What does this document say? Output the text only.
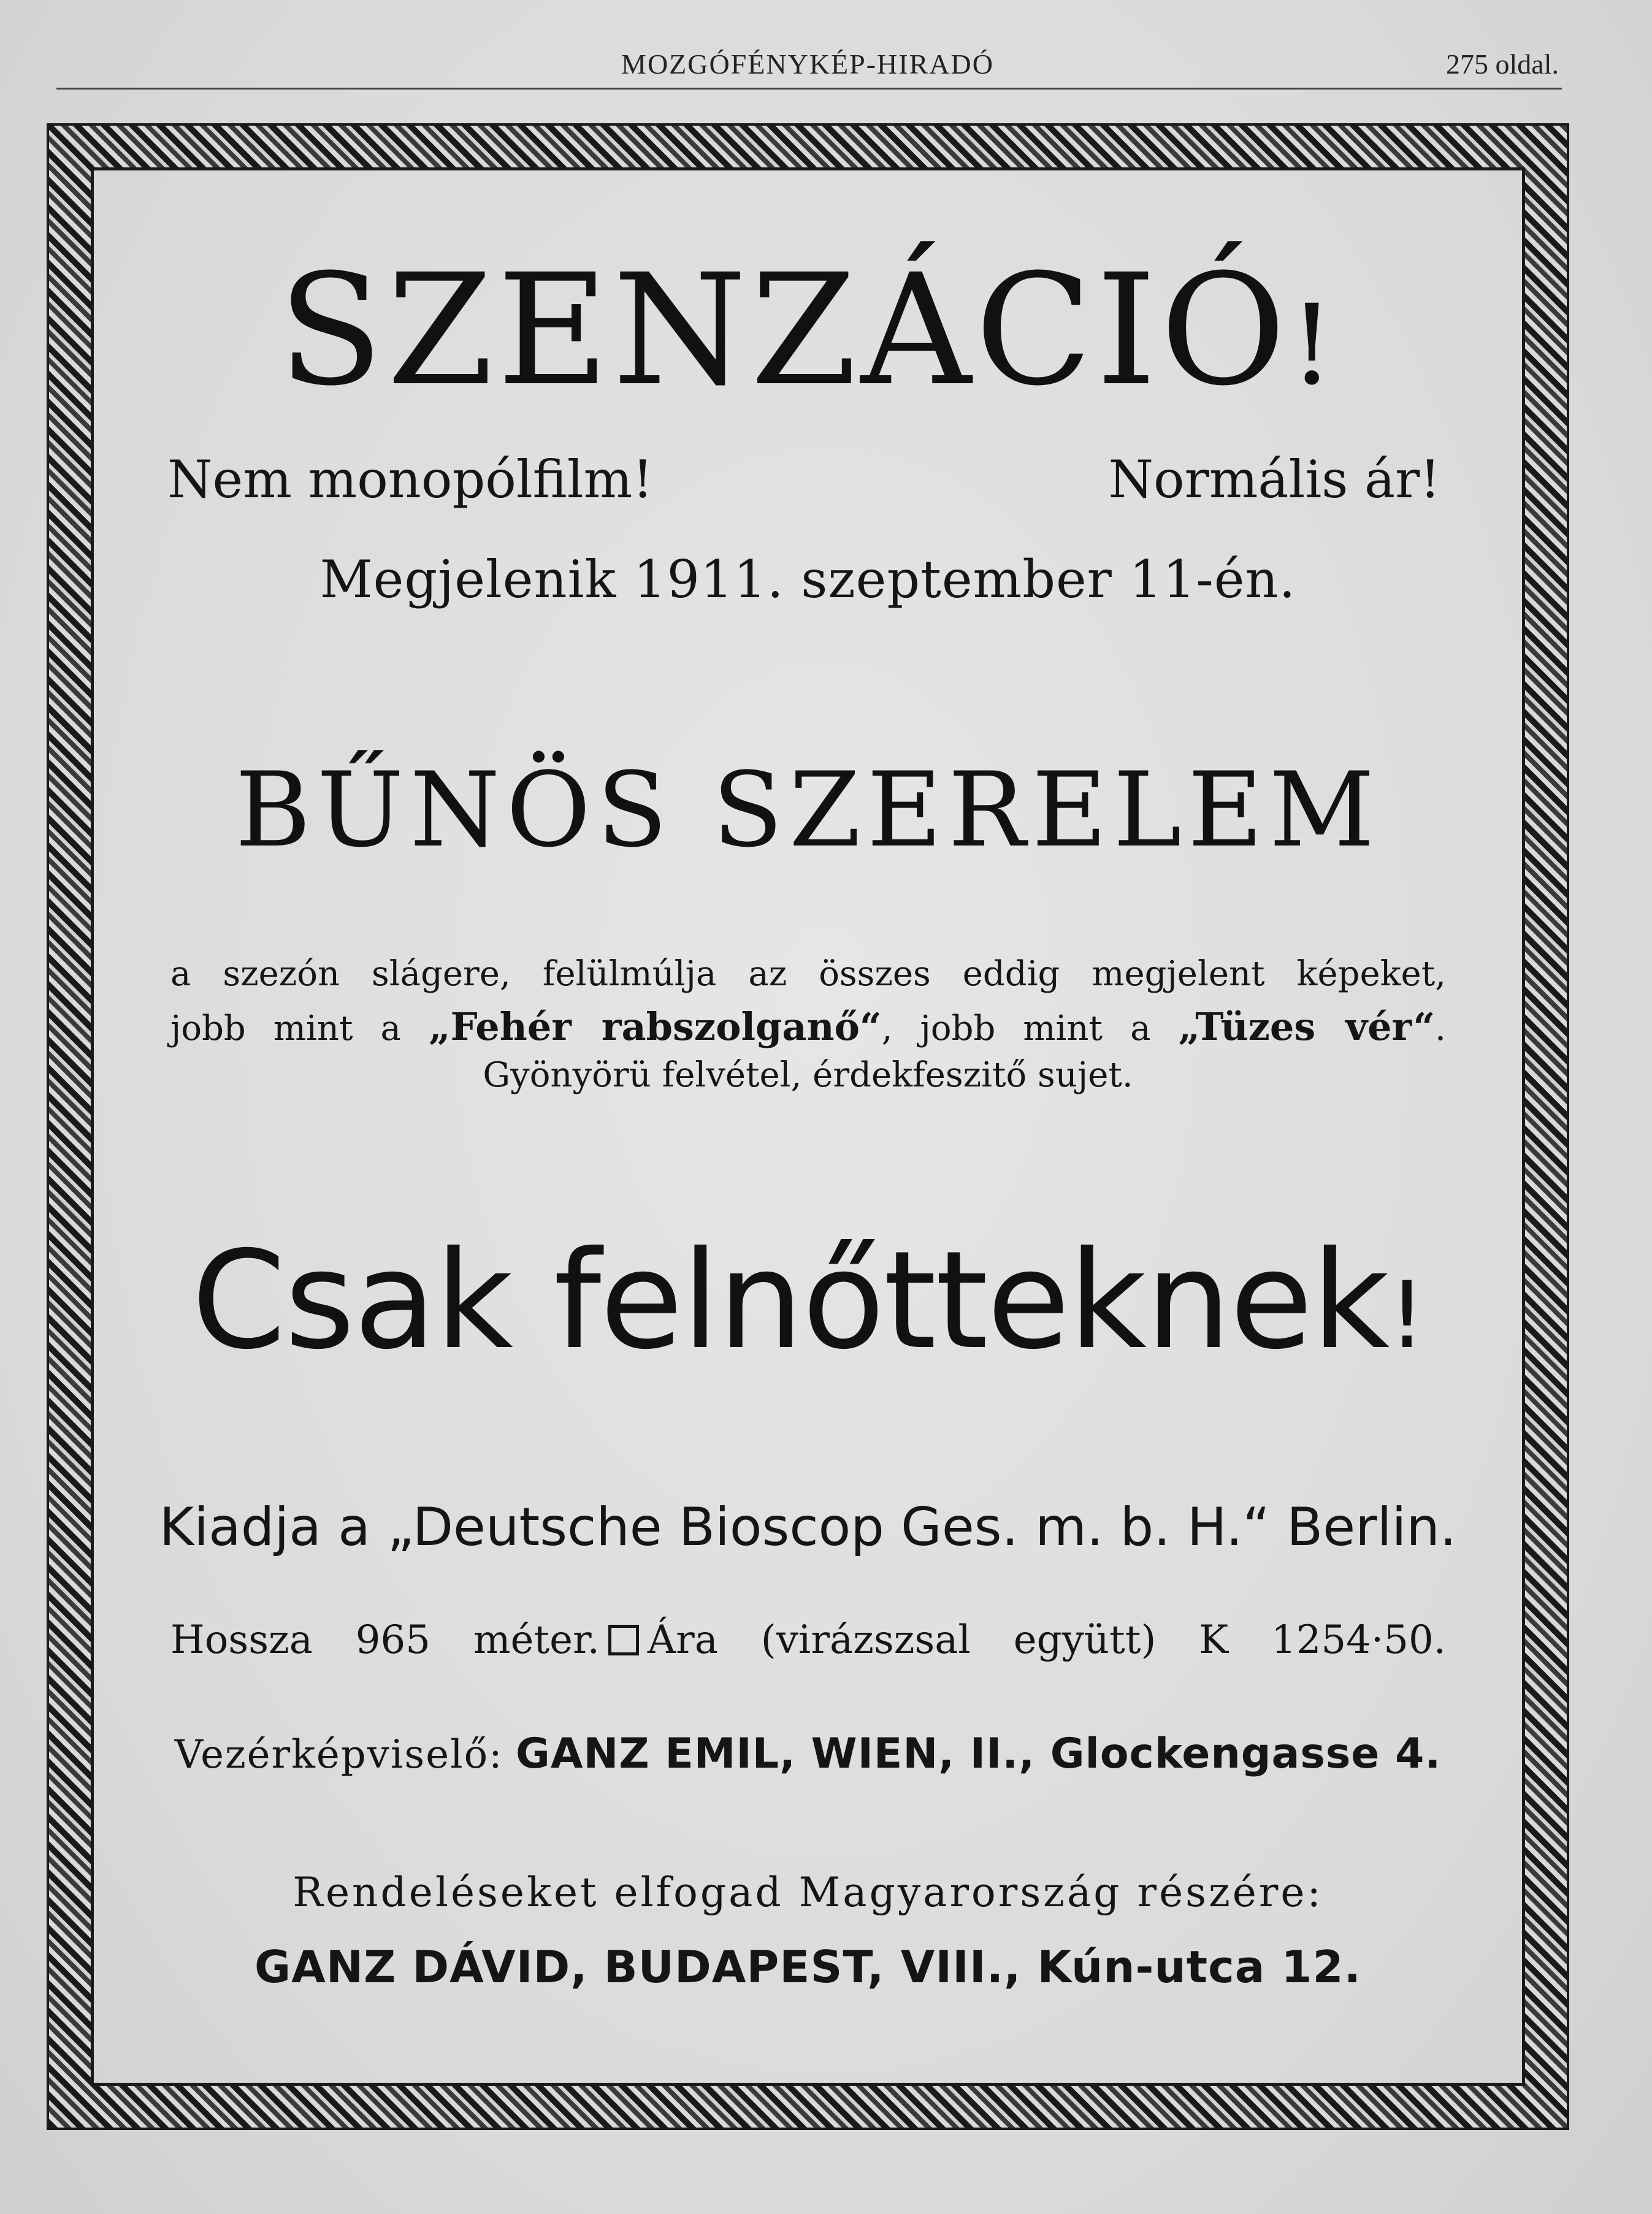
MOZGÓFÉNYKÉP-HIRADÓ	275 oldal.
SZENZÁCIÓ!
Nem monopólfilm!	Normális ár!
Megjelenik 1911. szeptember 11-én.
BŰNÖS SZERELEM
a szezón slágere, felülmúlja az összes eddig megjelent képeket,
jobb mint a „Fehér rabszolganő“, jobb mint a „Tüzes vér“.
Gyönyörü felvétel, érdekfeszitő sujet.
Csak felnőtteknek!
Kiadja a „Deutsche Bioscop Ges. m. b. H.“ Berlin.
Hossza 965 méter. Ára (virázszsal együtt) K 1254·50.
Vezérképviselő: GANZ EMIL, WIEN, II., Glockengasse 4.
Rendeléseket elfogad Magyarország részére:
GANZ DÁVID, BUDAPEST, VIII., Kún-utca 12.
